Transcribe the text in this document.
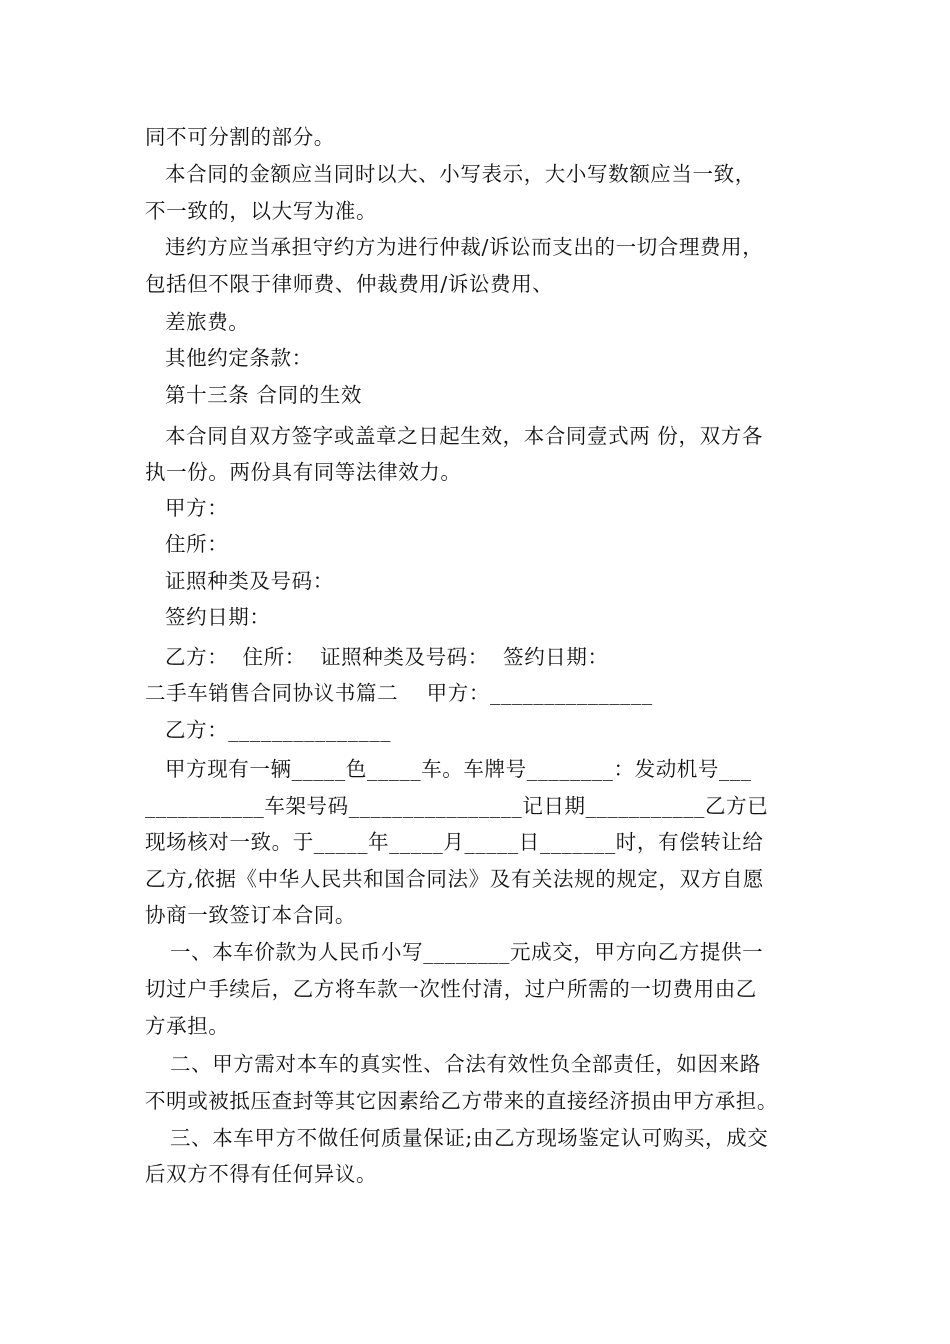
同不可分割的部分。
本合同的金额应当同时以大、小写表示，大小写数额应当一致，
不一致的，以大写为准。
违约方应当承担守约方为进行仲裁/诉讼而支出的一切合理费用，
包括但不限于律师费、仲裁费用/诉讼费用、
差旅费。
其他约定条款：
第十三条 合同的生效
本合同自双方签字或盖章之日起生效，本合同壹式两 份，双方各
执一份。两份具有同等法律效力。
甲方：
住所：
证照种类及号码：
签约日期：
乙方：  住所：  证照种类及号码：  签约日期：
二手车销售合同协议书篇二    甲方：_______________
乙方：_______________
甲方现有一辆_____色_____车。车牌号________：发动机号___
___________车架号码________________记日期___________乙方已
现场核对一致。于_____年_____月_____日_______时，有偿转让给
乙方,依据《中华人民共和国合同法》及有关法规的规定，双方自愿
协商一致签订本合同。
一、本车价款为人民币小写________元成交，甲方向乙方提供一
切过户手续后，乙方将车款一次性付清，过户所需的一切费用由乙
方承担。
二、甲方需对本车的真实性、合法有效性负全部责任，如因来路
不明或被抵压查封等其它因素给乙方带来的直接经济损由甲方承担。
三、本车甲方不做任何质量保证;由乙方现场鉴定认可购买，成交
后双方不得有任何异议。
